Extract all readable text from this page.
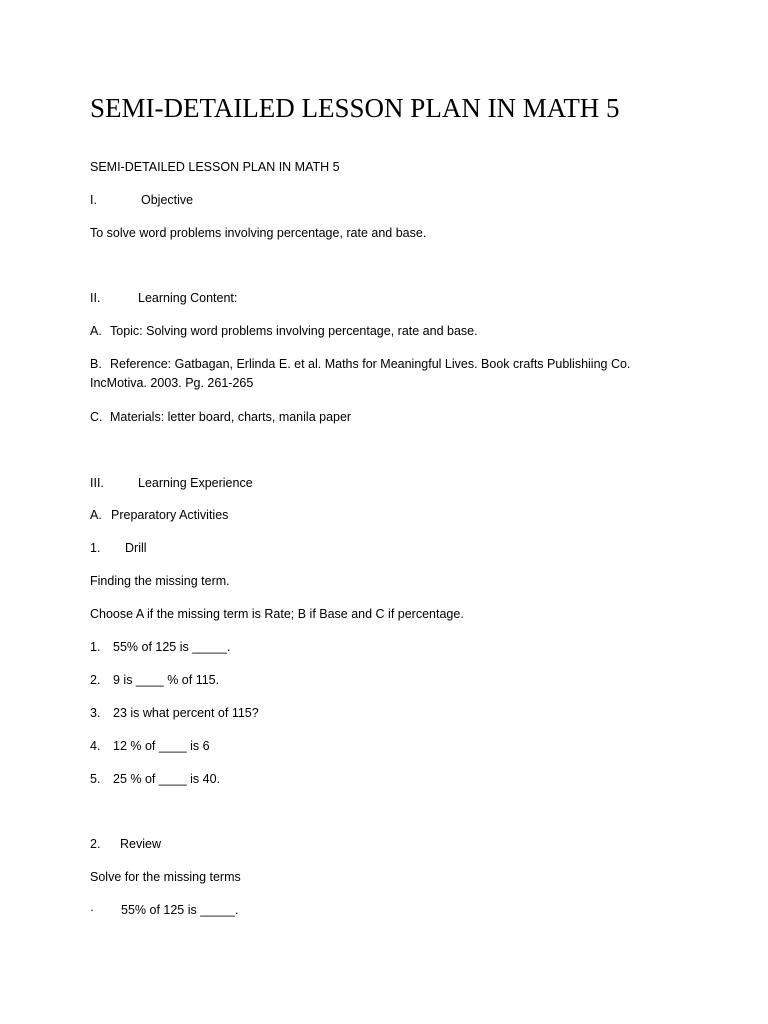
SEMI-DETAILED LESSON PLAN IN MATH 5
SEMI-DETAILED LESSON PLAN IN MATH 5
I.	Objective
To solve word problems involving percentage, rate and base.
II.	Learning Content:
A. Topic: Solving word problems involving percentage, rate and base.
B. Reference: Gatbagan, Erlinda E. et al. Maths for Meaningful Lives. Book crafts Publishiing Co. IncMotiva. 2003. Pg. 261-265
C. Materials: letter board, charts, manila paper
III.	Learning Experience
A. Preparatory Activities
1. Drill
Finding the missing term.
Choose A if the missing term is Rate; B if Base and C if percentage.
1. 55% of 125 is _____.
2. 9 is ____ % of 115.
3. 23 is what percent of 115?
4. 12 % of ____ is 6
5. 25 % of ____ is 40.
2. Review
Solve for the missing terms
· 55% of 125 is _____.
